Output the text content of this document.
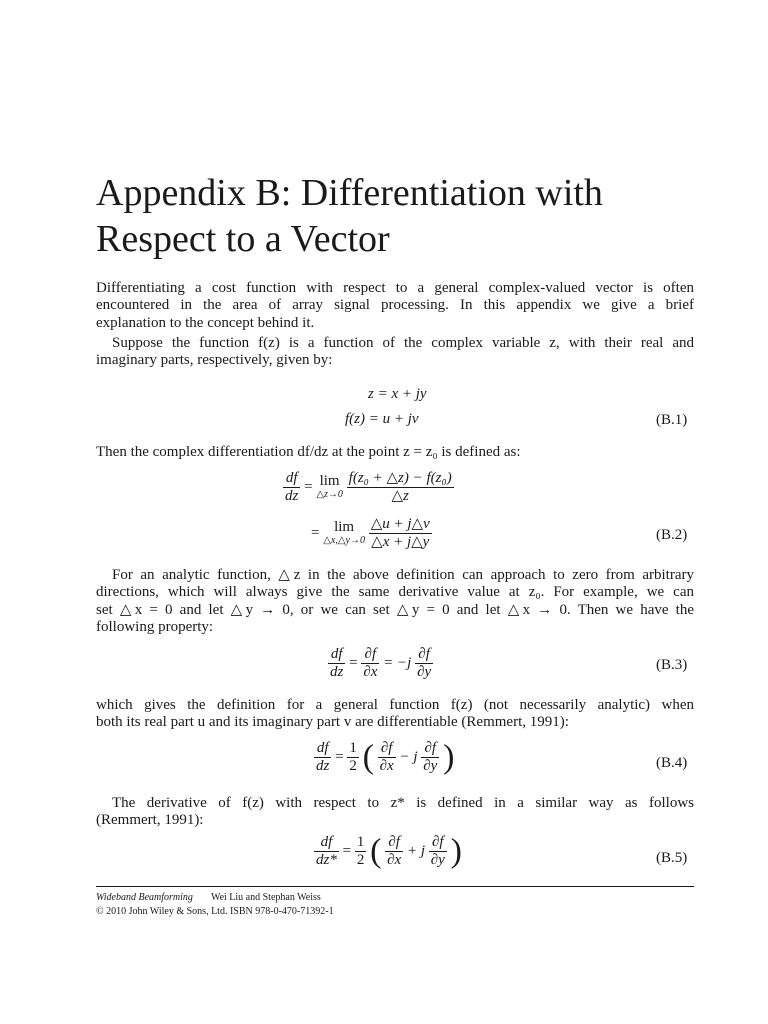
Appendix B: Differentiation with
Respect to a Vector

Differentiating a cost function with respect to a general complex-valued vector is often
encountered in the area of array signal processing. In this appendix we give a brief
explanation to the concept behind it.

Suppose the function f(z) is a function of the complex variable z, with their real and
imaginary parts, respectively, given by:

z = x + jy
f(z) = u + jv	(B.1)

Then the complex differentiation df/dz at the point z = z₀ is defined as:

$\frac{df}{dz} = \lim$
△z→0
$\frac{\text{f(z₀ + △z) − f(z₀)}}{\triangle z}$
= lim
△x,△y→0
$\frac{\triangle u + j\triangle v}{\triangle x + j\triangle y}$	(B.2)

For an analytic function, △z in the above definition can approach to zero from arbitrary
directions, which will always give the same derivative value at z₀. For example, we can
set △x = 0 and let △y → 0, or we can set △y = 0 and let △x → 0. Then we have the
following property:

$\frac{df}{dz} = \frac{\partial f}{\partial x} = -j \frac{\partial f}{\partial y}$	(B.3)

which gives the definition for a general function f(z) (not necessarily analytic) when
both its real part u and its imaginary part v are differentiable (Remmert, 1991):

$\frac{df}{dz} = \frac{1}{2}$ ( $\frac{\partial f}{\partial x} - j \frac{\partial f}{\partial y}$ )	(B.4)

The derivative of f(z) with respect to z* is defined in a similar way as follows
(Remmert, 1991):

$\frac{df}{dz*} = \frac{1}{2}$ ( $\frac{\partial f}{\partial x} + j \frac{\partial f}{\partial y}$ )	(B.5)
Wideband Beamforming Wei Liu and Stephan Weiss
© 2010 John Wiley & Sons, Ltd. ISBN 978-0-470-71392-1
